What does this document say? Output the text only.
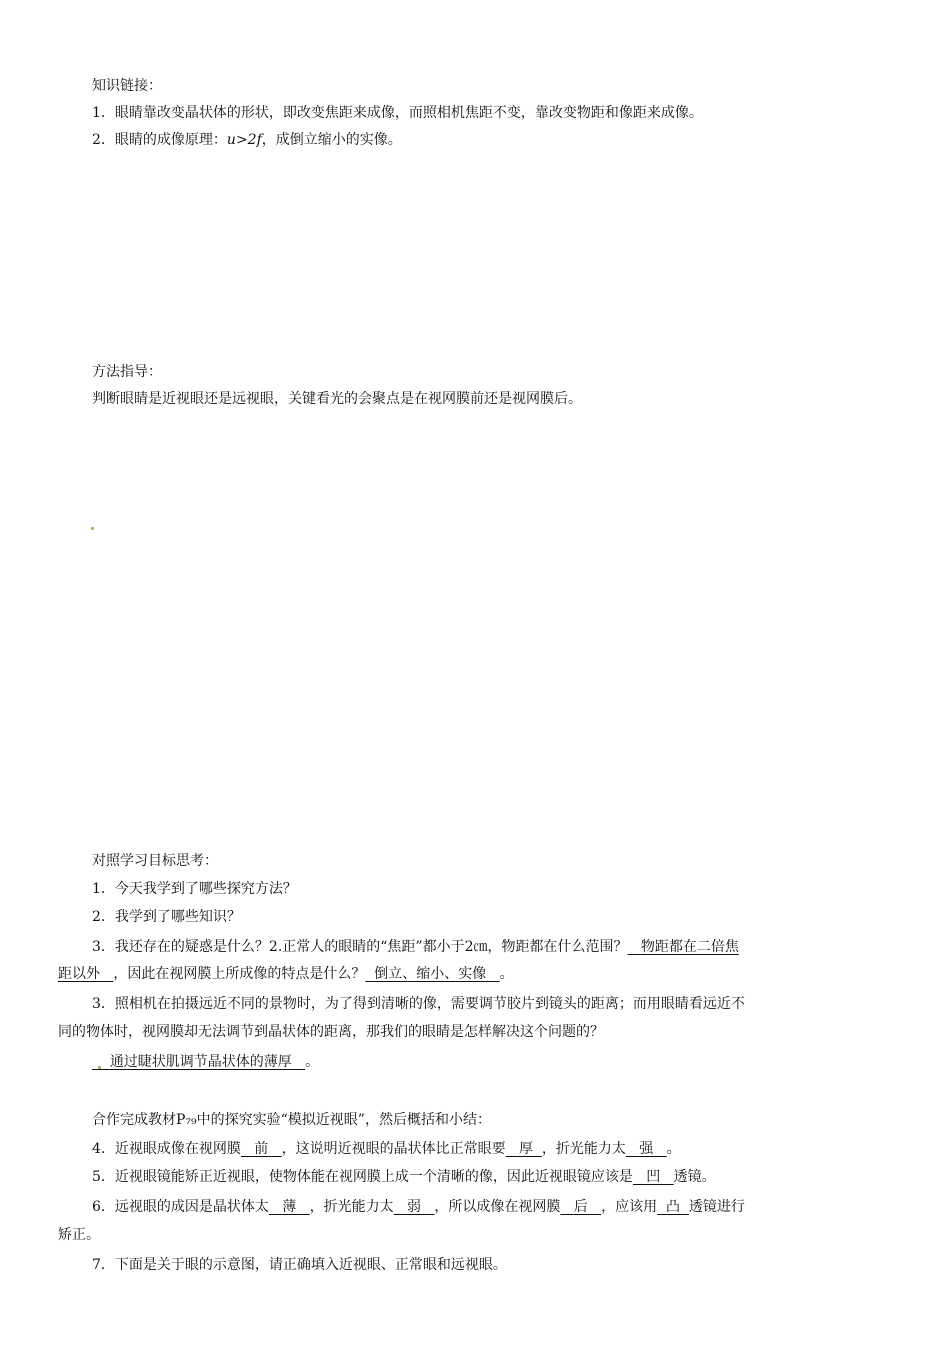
知识链接：
1．眼睛靠改变晶状体的形状，即改变焦距来成像，而照相机焦距不变，靠改变物距和像距来成像。
2．眼睛的成像原理：u>2f，成倒立缩小的实像。
方法指导：
判断眼睛是近视眼还是远视眼，关键看光的会聚点是在视网膜前还是视网膜后。
对照学习目标思考：
1．今天我学到了哪些探究方法？
2．我学到了哪些知识？
3．我还存在的疑惑是什么？2.正常人的眼睛的“焦距”都小于2㎝，物距都在什么范围？ 物距都在二倍焦
距以外 ，因此在视网膜上所成像的特点是什么？ 倒立、缩小、实像 。
3．照相机在拍摄远近不同的景物时，为了得到清晰的像，需要调节胶片到镜头的距离；而用眼睛看远近不
同的物体时，视网膜却无法调节到晶状体的距离，那我们的眼睛是怎样解决这个问题的？
通过睫状肌调节晶状体的薄厚 。
合作完成教材P₇₉中的探究实验“模拟近视眼”，然后概括和小结：
4．近视眼成像在视网膜 前 ，这说明近视眼的晶状体比正常眼要 厚 ，折光能力太 强 。
5．近视眼镜能矫正近视眼，使物体能在视网膜上成一个清晰的像，因此近视眼镜应该是 凹 透镜。
6．远视眼的成因是晶状体太 薄 ，折光能力太 弱 ，所以成像在视网膜 后 ，应该用 凸 透镜进行
矫正。
7．下面是关于眼的示意图，请正确填入近视眼、正常眼和远视眼。
